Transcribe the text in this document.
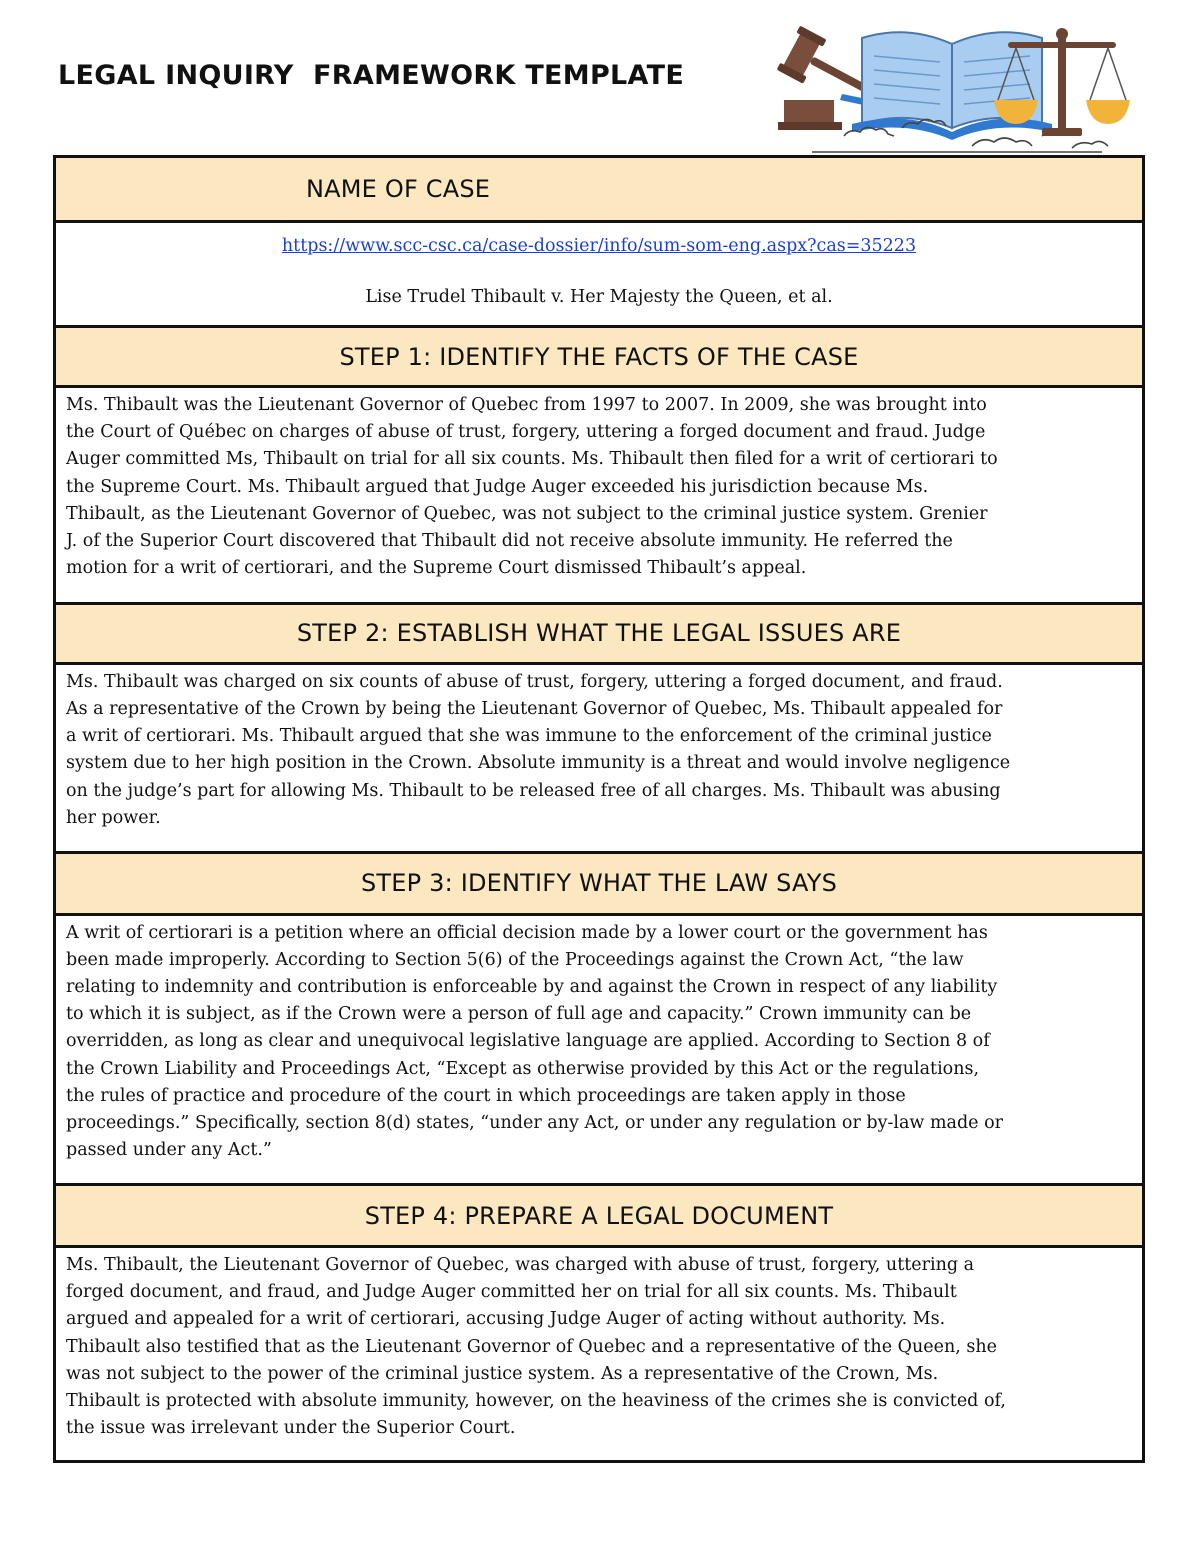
LEGAL INQUIRY  FRAMEWORK TEMPLATE
NAME OF CASE
https://www.scc-csc.ca/case-dossier/info/sum-som-eng.aspx?cas=35223
Lise Trudel Thibault v. Her Majesty the Queen, et al.
STEP 1: IDENTIFY THE FACTS OF THE CASE
Ms. Thibault was the Lieutenant Governor of Quebec from 1997 to 2007. In 2009, she was brought into
the Court of Québec on charges of abuse of trust, forgery, uttering a forged document and fraud. Judge
Auger committed Ms, Thibault on trial for all six counts. Ms. Thibault then filed for a writ of certiorari to
the Supreme Court. Ms. Thibault argued that Judge Auger exceeded his jurisdiction because Ms.
Thibault, as the Lieutenant Governor of Quebec, was not subject to the criminal justice system. Grenier
J. of the Superior Court discovered that Thibault did not receive absolute immunity. He referred the
motion for a writ of certiorari, and the Supreme Court dismissed Thibault’s appeal.
STEP 2: ESTABLISH WHAT THE LEGAL ISSUES ARE
Ms. Thibault was charged on six counts of abuse of trust, forgery, uttering a forged document, and fraud.
As a representative of the Crown by being the Lieutenant Governor of Quebec, Ms. Thibault appealed for
a writ of certiorari. Ms. Thibault argued that she was immune to the enforcement of the criminal justice
system due to her high position in the Crown. Absolute immunity is a threat and would involve negligence
on the judge’s part for allowing Ms. Thibault to be released free of all charges. Ms. Thibault was abusing
her power.
STEP 3: IDENTIFY WHAT THE LAW SAYS
A writ of certiorari is a petition where an official decision made by a lower court or the government has
been made improperly. According to Section 5(6) of the Proceedings against the Crown Act, “the law
relating to indemnity and contribution is enforceable by and against the Crown in respect of any liability
to which it is subject, as if the Crown were a person of full age and capacity.” Crown immunity can be
overridden, as long as clear and unequivocal legislative language are applied. According to Section 8 of
the Crown Liability and Proceedings Act, “Except as otherwise provided by this Act or the regulations,
the rules of practice and procedure of the court in which proceedings are taken apply in those
proceedings.” Specifically, section 8(d) states, “under any Act, or under any regulation or by-law made or
passed under any Act.”
STEP 4: PREPARE A LEGAL DOCUMENT
Ms. Thibault, the Lieutenant Governor of Quebec, was charged with abuse of trust, forgery, uttering a
forged document, and fraud, and Judge Auger committed her on trial for all six counts. Ms. Thibault
argued and appealed for a writ of certiorari, accusing Judge Auger of acting without authority. Ms.
Thibault also testified that as the Lieutenant Governor of Quebec and a representative of the Queen, she
was not subject to the power of the criminal justice system. As a representative of the Crown, Ms.
Thibault is protected with absolute immunity, however, on the heaviness of the crimes she is convicted of,
the issue was irrelevant under the Superior Court.
